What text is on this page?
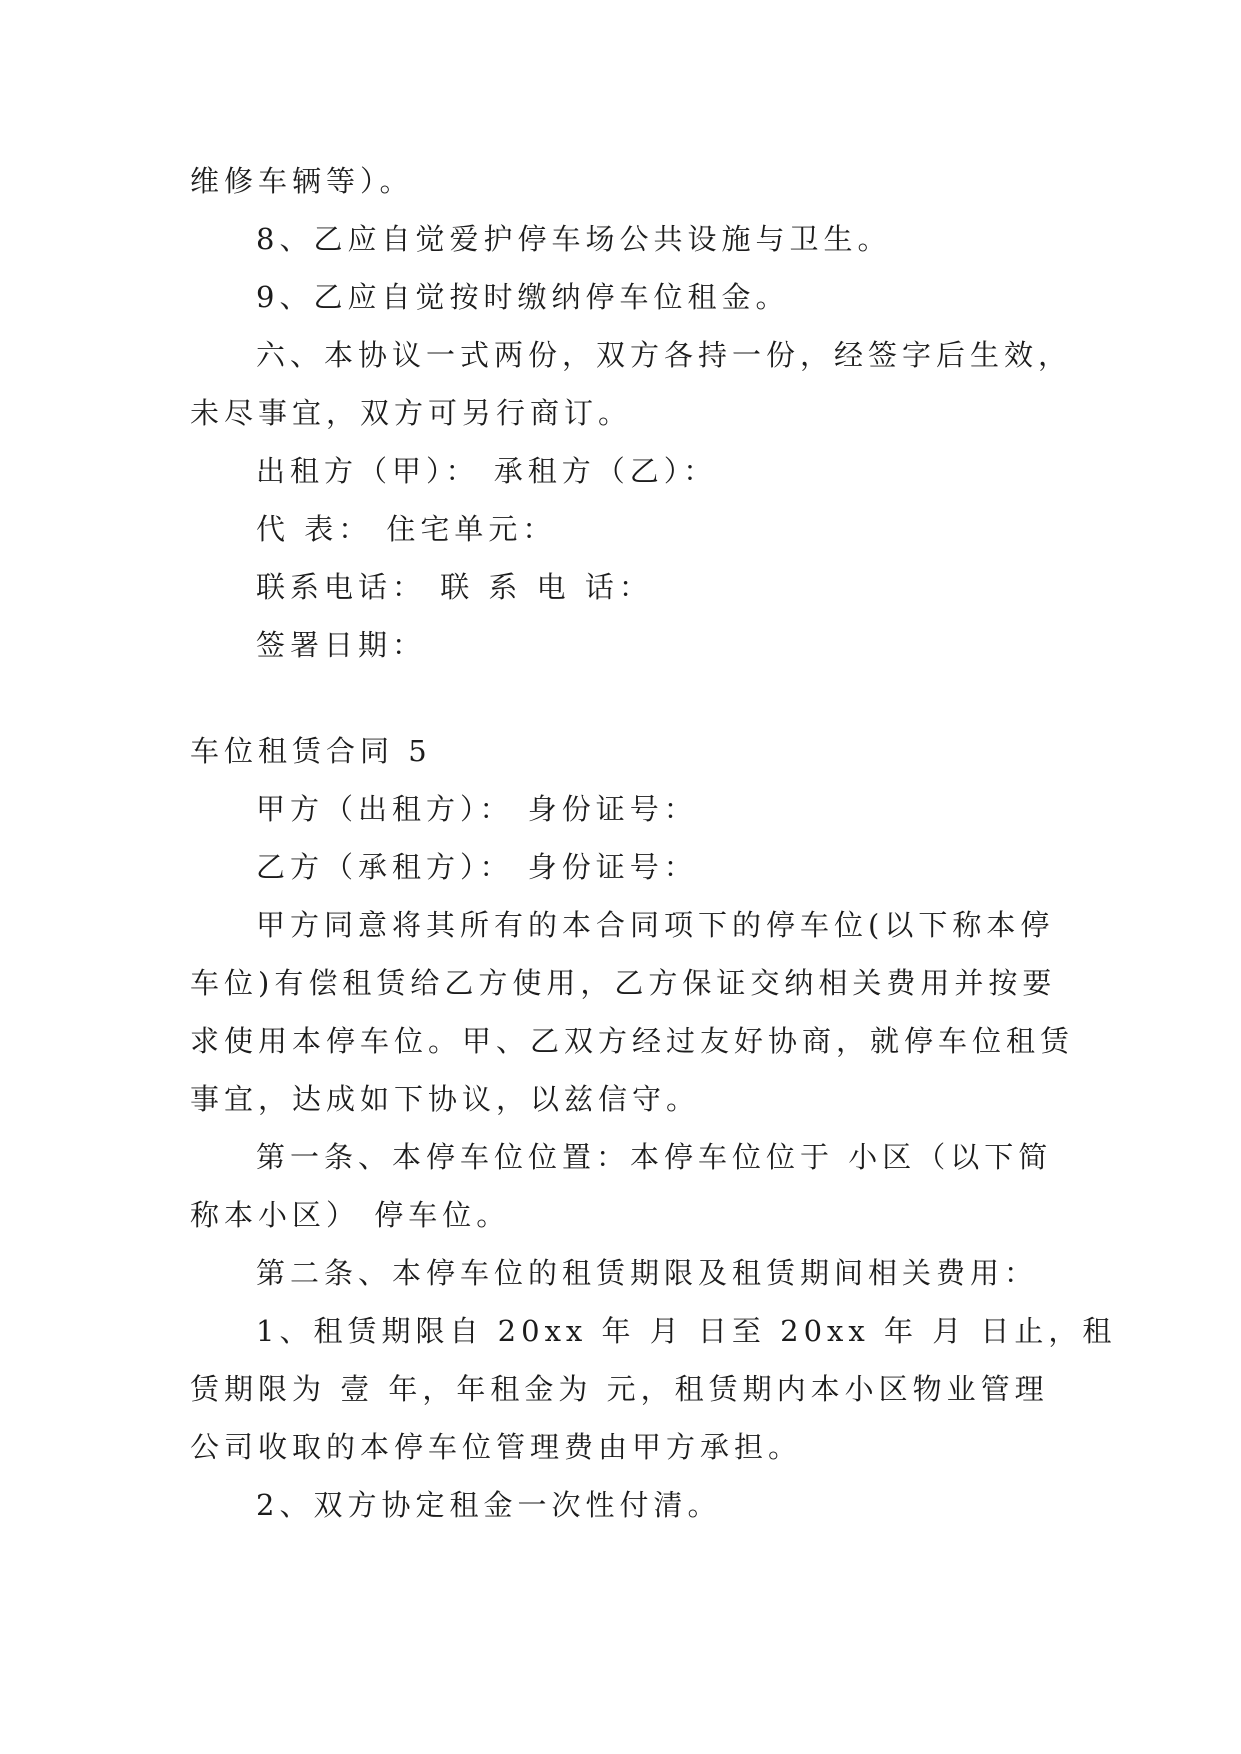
维修车辆等）。
8、乙应自觉爱护停车场公共设施与卫生。
9、乙应自觉按时缴纳停车位租金。
六、本协议一式两份，双方各持一份，经签字后生效，
未尽事宜，双方可另行商订。
出租方（甲）： 承租方（乙）：
代 表： 住宅单元：
联系电话： 联 系 电 话：
签署日期：
车位租赁合同 5
甲方（出租方）： 身份证号：
乙方（承租方）： 身份证号：
甲方同意将其所有的本合同项下的停车位(以下称本停
车位)有偿租赁给乙方使用，乙方保证交纳相关费用并按要
求使用本停车位。甲、乙双方经过友好协商，就停车位租赁
事宜，达成如下协议，以兹信守。
第一条、本停车位位置：本停车位位于 小区（以下简
称本小区） 停车位。
第二条、本停车位的租赁期限及租赁期间相关费用：
1、租赁期限自 20xx 年 月 日至 20xx 年 月 日止，租
赁期限为 壹 年，年租金为 元，租赁期内本小区物业管理
公司收取的本停车位管理费由甲方承担。
2、双方协定租金一次性付清。
